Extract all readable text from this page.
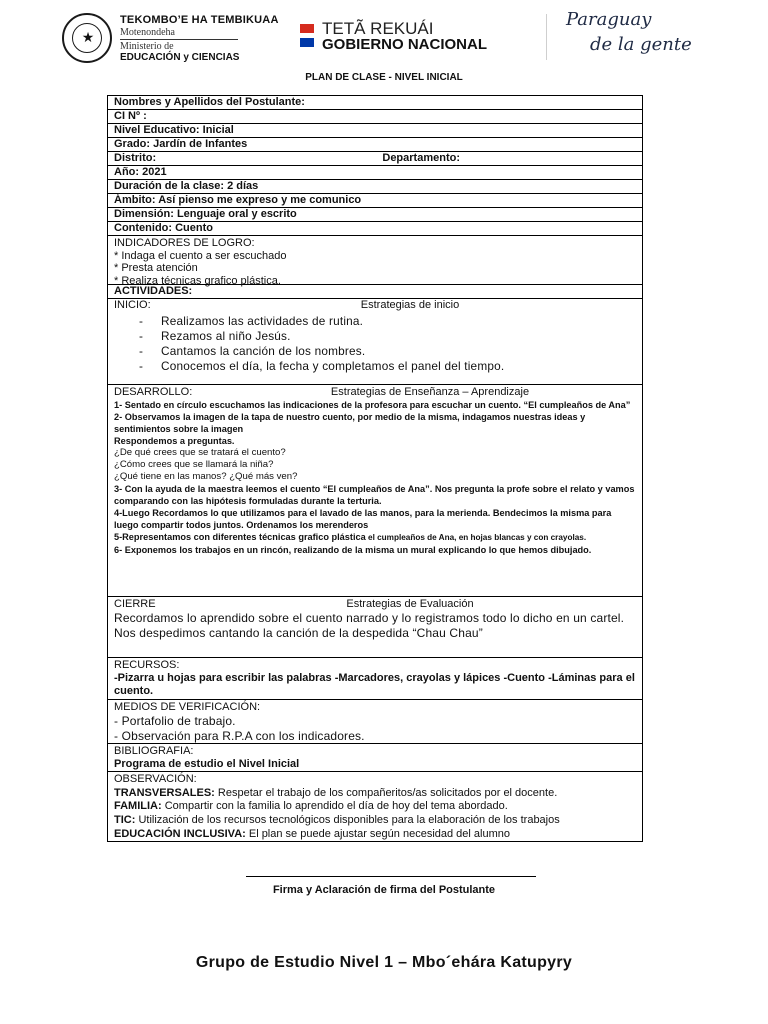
★
TEKOMBO’E HA TEMBIKUAA
Motenondeha
Ministerio de
EDUCACIÓN y CIENCIAS
TETÃ REKUÁI
GOBIERNO NACIONAL
Paraguay
de la gente
PLAN DE CLASE - NIVEL INICIAL
Nombres y Apellidos del Postulante:
CI Nº :
Nivel Educativo: Inicial
Grado: Jardín de Infantes
Distrito:	Departamento:
Año: 2021
Duración de la clase: 2 días
Ámbito: Así pienso me expreso y me comunico
Dimensión: Lenguaje oral y escrito
Contenido: Cuento
INDICADORES DE LOGRO:
* Indaga el cuento a ser escuchado
* Presta atención
* Realiza técnicas grafico plástica.
ACTIVIDADES:
INICIO:	Estrategias de inicio
- Realizamos las actividades de rutina.
- Rezamos al niño Jesús.
- Cantamos la canción de los nombres.
- Conocemos el día, la fecha y completamos el panel del tiempo.
DESARROLLO:	Estrategias de Enseñanza – Aprendizaje

1- Sentado en círculo escuchamos las indicaciones de la profesora para escuchar un cuento. “El cumpleaños de Ana”

2- Observamos la imagen de la tapa de nuestro cuento, por medio de la misma, indagamos nuestras ideas y sentimientos sobre la imagen

Respondemos a preguntas.

¿De qué crees que se tratará el cuento?

¿Cómo crees que se llamará la niña?

¿Qué tiene en las manos? ¿Qué más ven?

3- Con la ayuda de la maestra leemos el cuento “El cumpleaños de Ana”. Nos pregunta la profe sobre el relato y vamos comparando con las hipótesis formuladas durante la terturia.

4-Luego Recordamos lo que utilizamos para el lavado de las manos, para la merienda. Bendecimos la misma para luego compartir todos juntos. Ordenamos los merenderos

5-Representamos con diferentes técnicas grafico plástica el cumpleaños de Ana, en hojas blancas y con crayolas.

6- Exponemos los trabajos en un rincón, realizando de la misma un mural explicando lo que hemos dibujado.

CIERRE	Estrategias de Evaluación
Recordamos lo aprendido sobre el cuento narrado y lo registramos todo lo dicho en un cartel.
Nos despedimos cantando la canción de la despedida “Chau Chau”
RECURSOS:
-Pizarra u hojas para escribir las palabras -Marcadores, crayolas y lápices -Cuento -Láminas para el cuento.
MEDIOS DE VERIFICACIÓN:
- Portafolio de trabajo.
- Observación para R.P.A con los indicadores.
BIBLIOGRAFIA:
Programa de estudio el Nivel Inicial
OBSERVACIÓN:
TRANSVERSALES: Respetar el trabajo de los compañeritos/as solicitados por el docente.
FAMILIA: Compartir con la familia lo aprendido el día de hoy del tema abordado.
TIC: Utilización de los recursos tecnológicos disponibles para la elaboración de los trabajos
EDUCACIÓN INCLUSIVA: El plan se puede ajustar según necesidad del alumno
Firma y Aclaración de firma del Postulante
Grupo de Estudio Nivel 1 – Mbo´ehára Katupyry
